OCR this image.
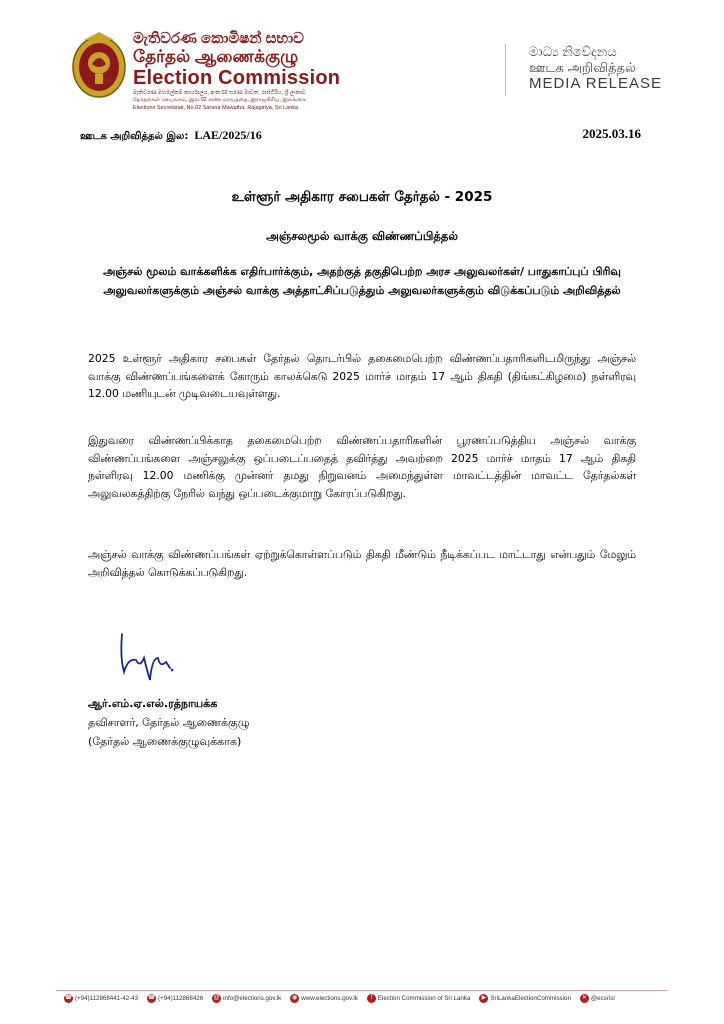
මැතිවරණ කොමිෂන් සභාව
தேர்தல் ஆணைக்குழு
Election Commission
මැතිවරණ මහලේකම් කාර්යාලය, අංක 02 සරණ මාවත, රාජගිරිය, ශ්‍රී ලංකාව
தேர்தல்கள் செயலகம், இல.02 சரண மாவத்தை, இராஜகிரிய, இலங்கை
Elections Secretariat, No.02 Sarana Mawatha, Rajagiriya, Sri Lanka
මාධ්‍ය නිවේදනය
ஊடக அறிவித்தல்
MEDIA RELEASE
ஊடக அறிவித்தல் இல: LAE/2025/16	2025.03.16
உள்ளூர் அதிகார சபைகள் தேர்தல் - 2025
அஞ்சலமூல் வாக்கு விண்ணப்பித்தல்
அஞ்சல் மூலம் வாக்களிக்க எதிர்பார்க்கும், அதற்குத் தகுதிபெற்ற அரச அலுவலர்கள்/ பாதுகாப்புப் பிரிவு அலுவலர்களுக்கும் அஞ்சல் வாக்கு அத்தாட்சிப்படுத்தும் அலுவலர்களுக்கும் விடுக்கப்படும் அறிவித்தல்
2025 உள்ளூர் அதிகார சபைகள் தேர்தல் தொடர்பில் தகைமைபெற்ற விண்ணப்பதாரிகளிடமிருந்து அஞ்சல் வாக்கு விண்ணப்பங்களைக் கோரும் காலக்கெடு 2025 மார்ச் மாதம் 17 ஆம் திகதி (திங்கட்கிழமை) நள்ளிரவு 12.00 மணியுடன் முடிவடையவுள்ளது.
இதுவரை விண்ணப்பிக்காத தகைமைபெற்ற விண்ணப்பதாரிகளின் பூரணப்படுத்திய அஞ்சல் வாக்கு விண்ணப்பங்களை அஞ்சலுக்கு ஒப்படைப்பதைத் தவிர்த்து அவற்றை 2025 மார்ச் மாதம் 17 ஆம் திகதி நள்ளிரவு 12.00 மணிக்கு முன்னர் தமது நிறுவனம் அமைந்துள்ள மாவட்டத்தின் மாவட்ட தேர்தல்கள் அலுவலகத்திற்கு நேரில் வந்து ஒப்படைக்குமாறு கோரப்படுகிறது.
அஞ்சல் வாக்கு விண்ணப்பங்கள் ஏற்றுக்கொள்ளப்படும் திகதி மீண்டும் நீடிக்கப்பட மாட்டாது என்பதும் மேலும் அறிவித்தல் கொடுக்கப்படுகிறது.
ஆர்.எம்.ஏ.எல்.ரத்நாயக்க
தவிசாளர், தேர்தல் ஆணைக்குழு
(தேர்தல் ஆணைக்குழுவுக்காக)
☎ (+94)112868441-42-43 ☎ (+94)112868426 @ info@elections.gov.lk	◉ www.elections.gov.lk	f Election Commission of Sri Lanka	▶ SriLankaElectionCommission	✕ @ecsrisl
